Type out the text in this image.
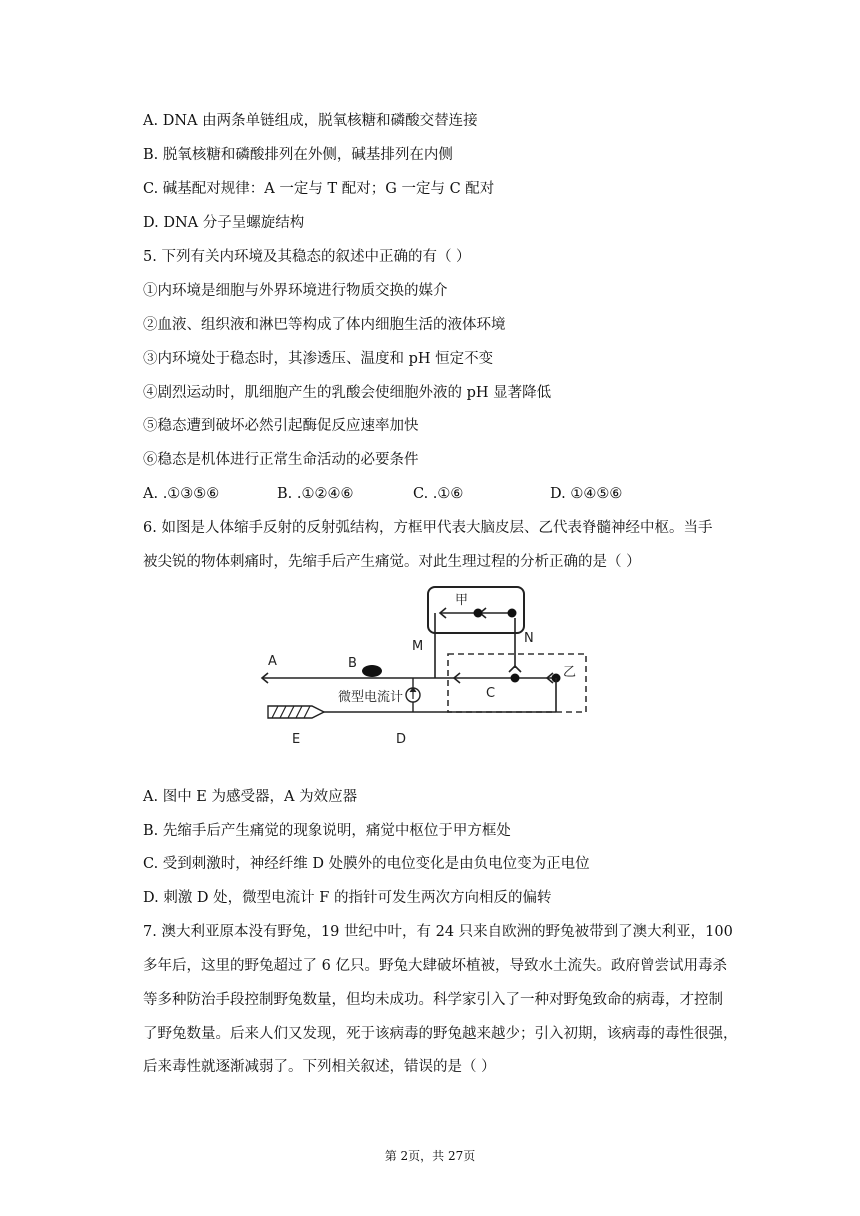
A. DNA 由两条单链组成，脱氧核糖和磷酸交替连接
B. 脱氧核糖和磷酸排列在外侧，碱基排列在内侧
C. 碱基配对规律：A 一定与 T 配对；G 一定与 C 配对
D. DNA 分子呈螺旋结构
5. 下列有关内环境及其稳态的叙述中正确的有（ ）
①内环境是细胞与外界环境进行物质交换的媒介
②血液、组织液和淋巴等构成了体内细胞生活的液体环境
③内环境处于稳态时，其渗透压、温度和 pH 恒定不变
④剧烈运动时，肌细胞产生的乳酸会使细胞外液的 pH 显著降低
⑤稳态遭到破坏必然引起酶促反应速率加快
⑥稳态是机体进行正常生命活动的必要条件
A. .①③⑤⑥	B. .①②④⑥	C. .①⑥	D. ①④⑤⑥
6. 如图是人体缩手反射的反射弧结构，方框甲代表大脑皮层、乙代表脊髓神经中枢。当手
被尖锐的物体刺痛时，先缩手后产生痛觉。对此生理过程的分析正确的是（ ）
甲
M
N
乙
A	B
C
微型电流计
E	D
A. 图中 E 为感受器，A 为效应器
B. 先缩手后产生痛觉的现象说明，痛觉中枢位于甲方框处
C. 受到刺激时，神经纤维 D 处膜外的电位变化是由负电位变为正电位
D. 刺激 D 处，微型电流计 F 的指针可发生两次方向相反的偏转
7. 澳大利亚原本没有野兔，19 世纪中叶，有 24 只来自欧洲的野兔被带到了澳大利亚，100
多年后，这里的野兔超过了 6 亿只。野兔大肆破坏植被，导致水土流失。政府曾尝试用毒杀
等多种防治手段控制野兔数量，但均未成功。科学家引入了一种对野兔致命的病毒，才控制
了野兔数量。后来人们又发现，死于该病毒的野兔越来越少；引入初期，该病毒的毒性很强，
后来毒性就逐渐减弱了。下列相关叙述，错误的是（ ）
第 2页，共 27页
